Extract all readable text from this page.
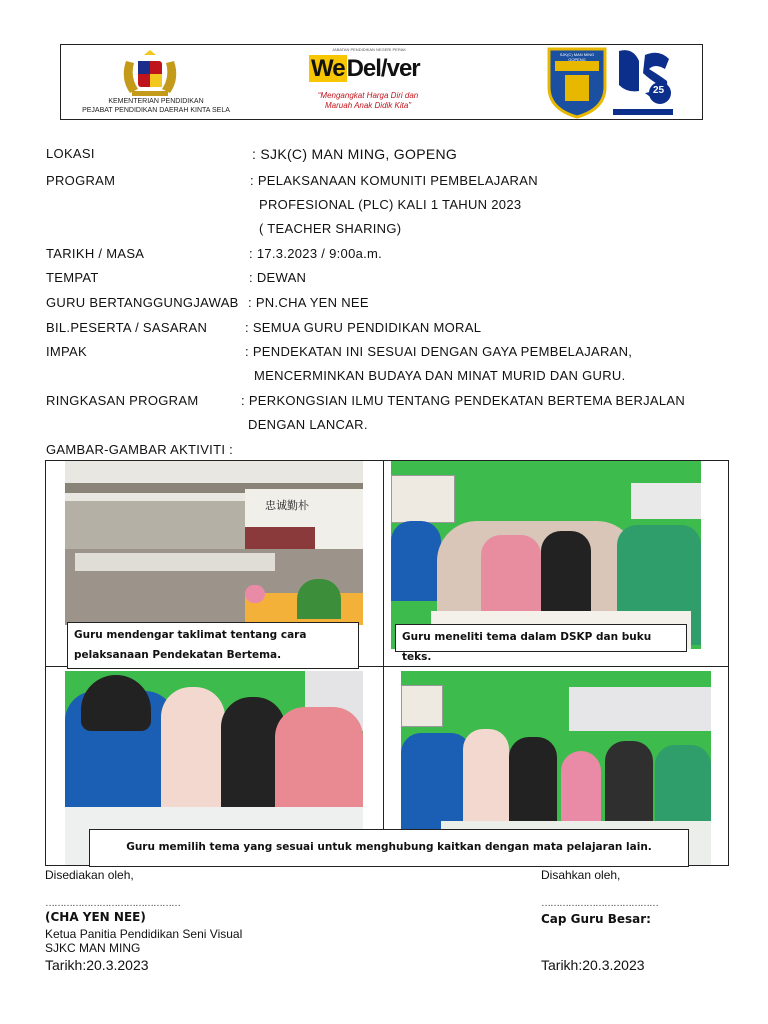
KEMENTERIAN PENDIDIKAN
PEJABAT PENDIDIKAN DAERAH KINTA SELA
JABATAN PENDIDIKAN NEGERI PERAK
WeDel/ver
“Mengangkat Harga Diri dan
Maruah Anak Didik Kita”
SJK(C) MAN MING
GOPENG
25
LOKASI	: SJK(C) MAN MING, GOPENG
PROGRAM	: PELAKSANAAN KOMUNITI PEMBELAJARAN
PROFESIONAL (PLC) KALI 1 TAHUN 2023
( TEACHER SHARING)
TARIKH / MASA	: 17.3.2023 / 9:00a.m.
TEMPAT	: DEWAN
GURU BERTANGGUNGJAWAB : PN.CHA YEN NEE
BIL.PESERTA / SASARAN	: SEMUA GURU PENDIDIKAN MORAL
IMPAK	: PENDEKATAN INI SESUAI DENGAN GAYA PEMBELAJARAN,
MENCERMINKAN BUDAYA DAN MINAT MURID DAN GURU.
RINGKASAN PROGRAM	: PERKONGSIAN ILMU TENTANG PENDEKATAN BERTEMA BERJALAN
DENGAN LANCAR.
GAMBAR-GAMBAR AKTIVITI :
忠诚勤朴
Guru mendengar taklimat tentang cara
pelaksanaan Pendekatan Bertema.
Guru meneliti tema dalam DSKP dan buku teks.
Guru memilih tema yang sesuai untuk menghubung kaitkan dengan mata pelajaran lain.
Disediakan oleh,	Disahkan oleh,
………………………………………	…………………………………
(CHA YEN NEE)	Cap Guru Besar:
Ketua Panitia Pendidikan Seni Visual
SJKC MAN MING
Tarikh:20.3.2023	Tarikh:20.3.2023
